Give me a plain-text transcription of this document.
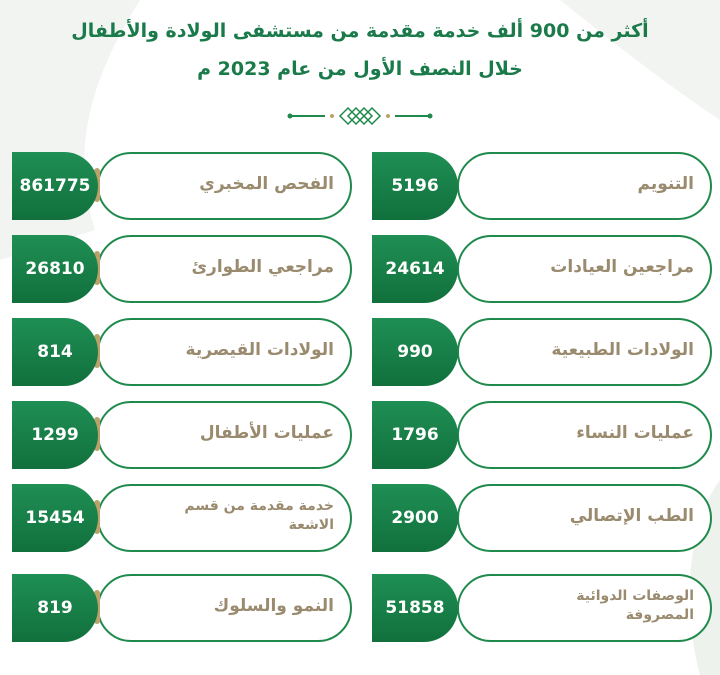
أكثر من 900 ألف خدمة مقدمة من مستشفى الولادة والأطفال
خلال النصف الأول من عام 2023 م
التنويم
5196
الفحص المخبري
861775
مراجعين العيادات
24614
مراجعي الطوارئ
26810
الولادات الطبيعية
990
الولادات القيصرية
814
عمليات النساء
1796
عمليات الأطفال
1299
الطب الإتصالي
2900
خدمة مقدمة من قسم الاشعة
15454
الوصفات الدوائية المصروفة
51858
النمو والسلوك
819
